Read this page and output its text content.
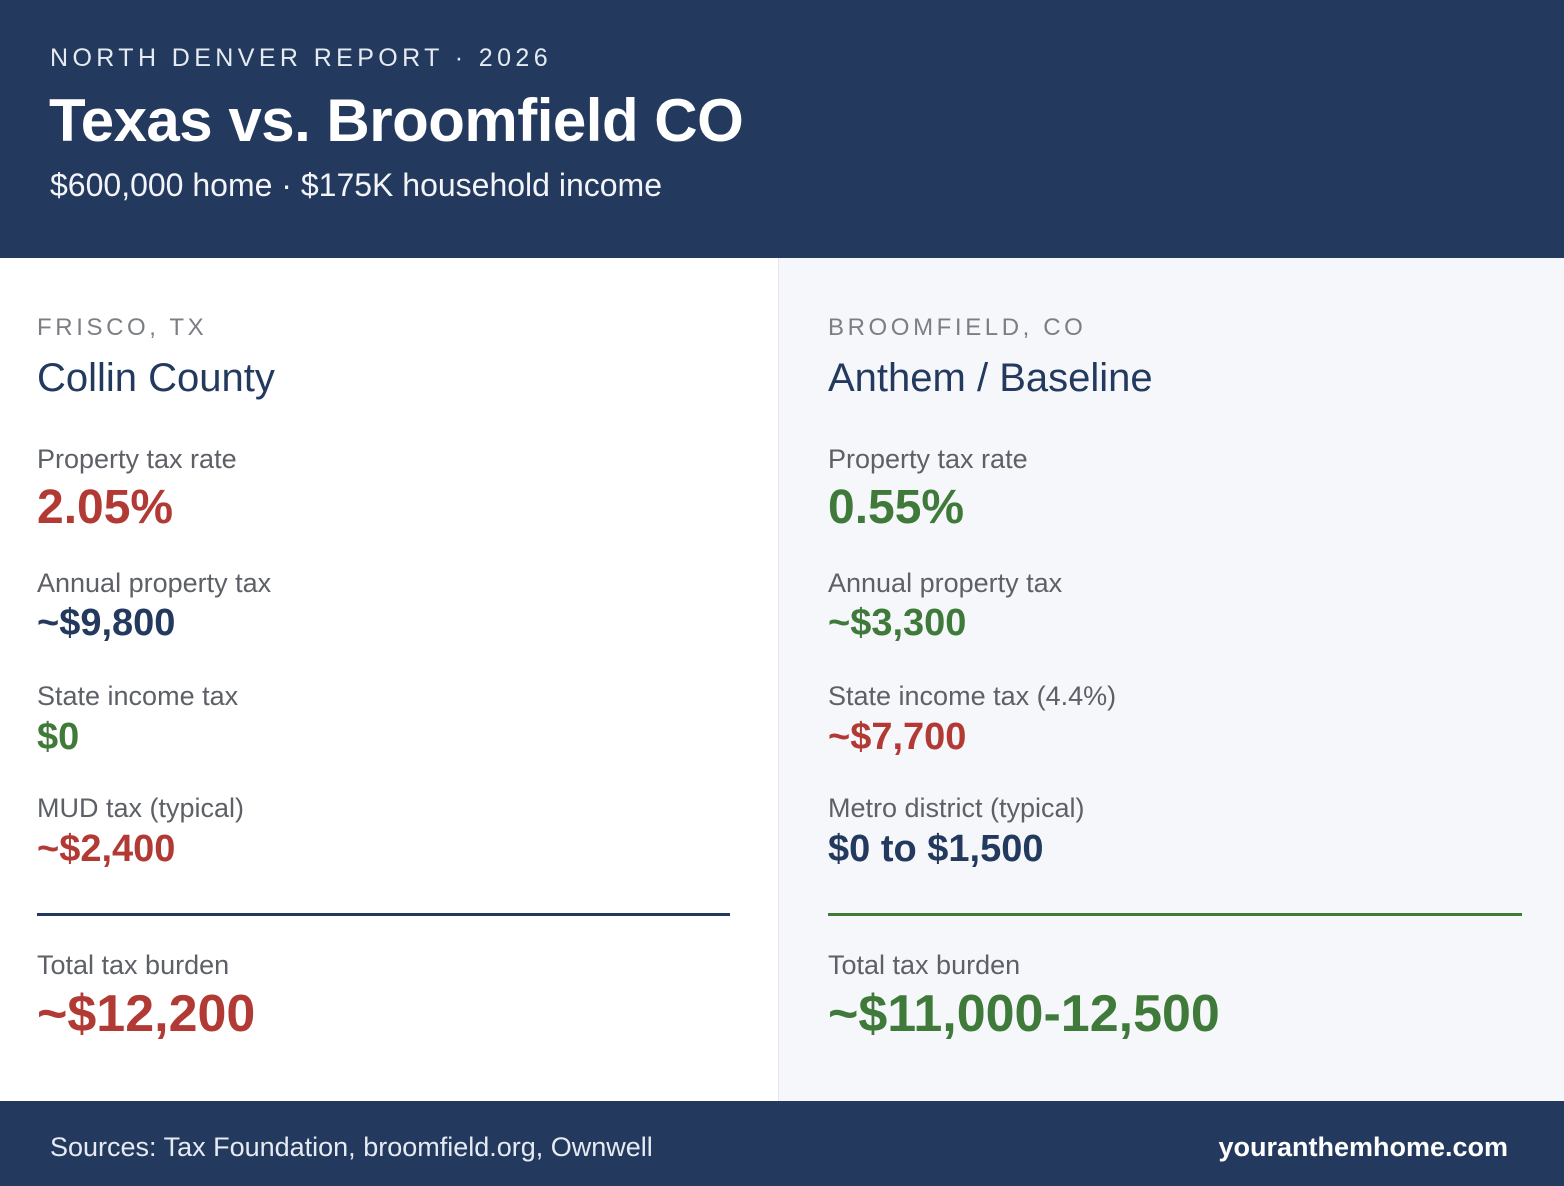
NORTH DENVER REPORT · 2026
Texas vs. Broomfield CO
$600,000 home · $175K household income
FRISCO, TX
Collin County
Property tax rate
2.05%
Annual property tax
~$9,800
State income tax
$0
MUD tax (typical)
~$2,400
Total tax burden
~$12,200
BROOMFIELD, CO
Anthem / Baseline
Property tax rate
0.55%
Annual property tax
~$3,300
State income tax (4.4%)
~$7,700
Metro district (typical)
$0 to $1,500
Total tax burden
~$11,000-12,500
Sources: Tax Foundation, broomfield.org, Ownwell	youranthemhome.com
